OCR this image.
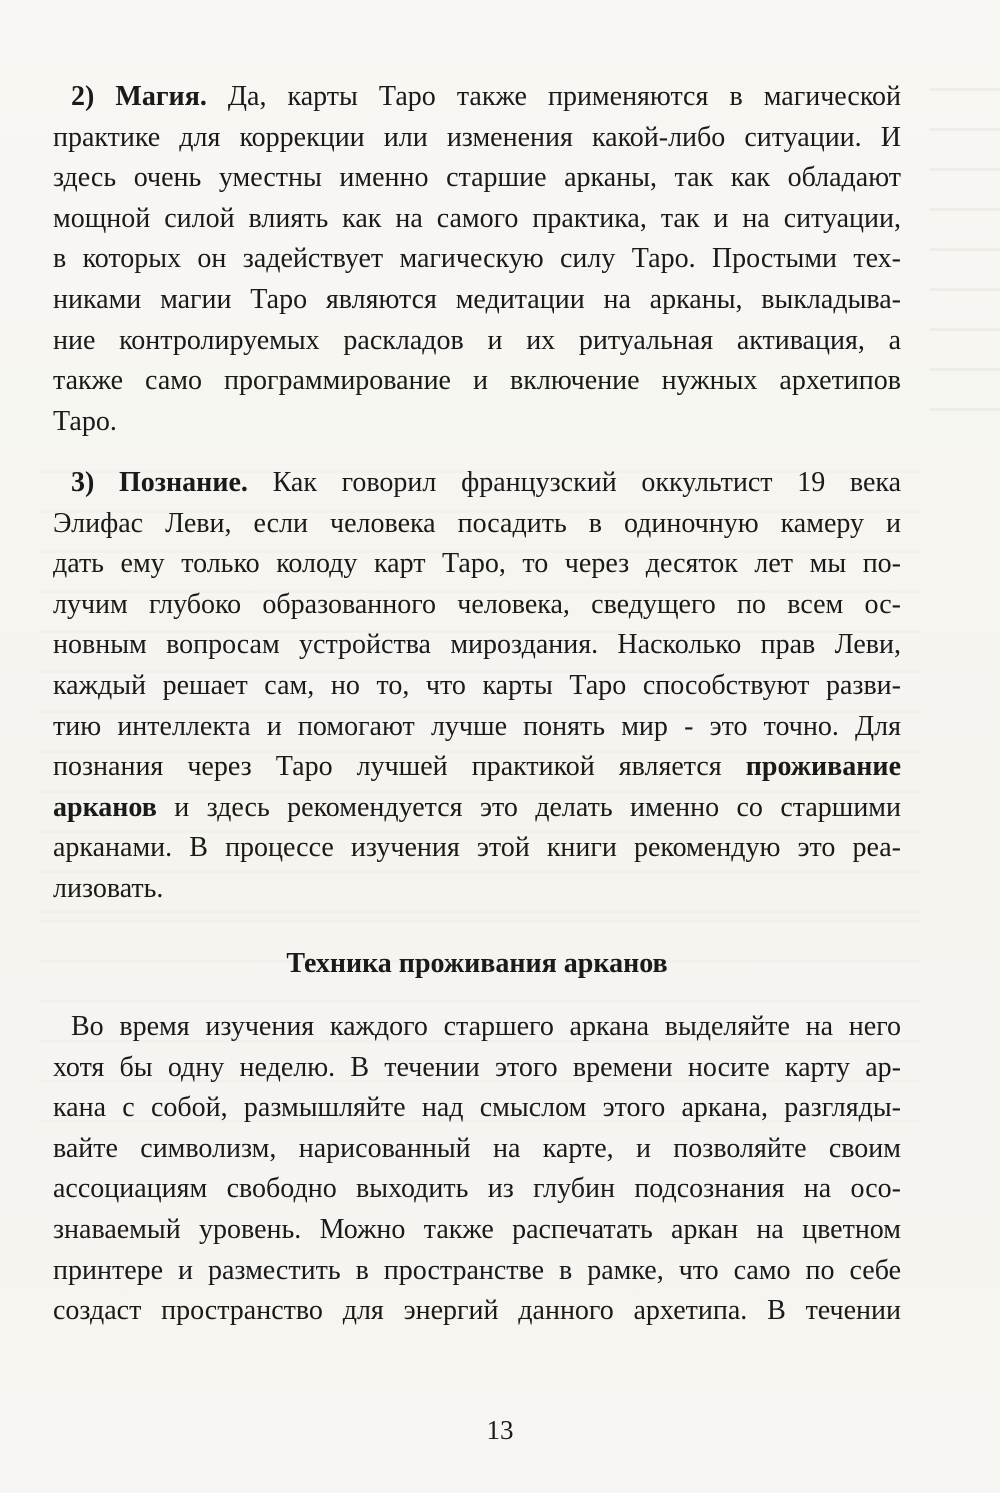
2) Магия. Да, карты Таро также применяются в магической
практике для коррекции или изменения какой-либо ситуации. И
здесь очень уместны именно старшие арканы, так как обладают
мощной силой влиять как на самого практика, так и на ситуации,
в которых он задействует магическую силу Таро. Простыми тех-
никами магии Таро являются медитации на арканы, выкладыва-
ние контролируемых раскладов и их ритуальная активация, а
также само программирование и включение нужных архетипов
Таро.
3) Познание. Как говорил французский оккультист 19 века
Элифас Леви, если человека посадить в одиночную камеру и
дать ему только колоду карт Таро, то через десяток лет мы по-
лучим глубоко образованного человека, сведущего по всем ос-
новным вопросам устройства мироздания. Насколько прав Леви,
каждый решает сам, но то, что карты Таро способствуют разви-
тию интеллекта и помогают лучше понять мир - это точно. Для
познания через Таро лучшей практикой является проживание
арканов и здесь рекомендуется это делать именно со старшими
арканами. В процессе изучения этой книги рекомендую это реа-
лизовать.
Техника проживания арканов
Во время изучения каждого старшего аркана выделяйте на него
хотя бы одну неделю. В течении этого времени носите карту ар-
кана с собой, размышляйте над смыслом этого аркана, разгляды-
вайте символизм, нарисованный на карте, и позволяйте своим
ассоциациям свободно выходить из глубин подсознания на осо-
знаваемый уровень. Можно также распечатать аркан на цветном
принтере и разместить в пространстве в рамке, что само по себе
создаст пространство для энергий данного архетипа. В течении
13
